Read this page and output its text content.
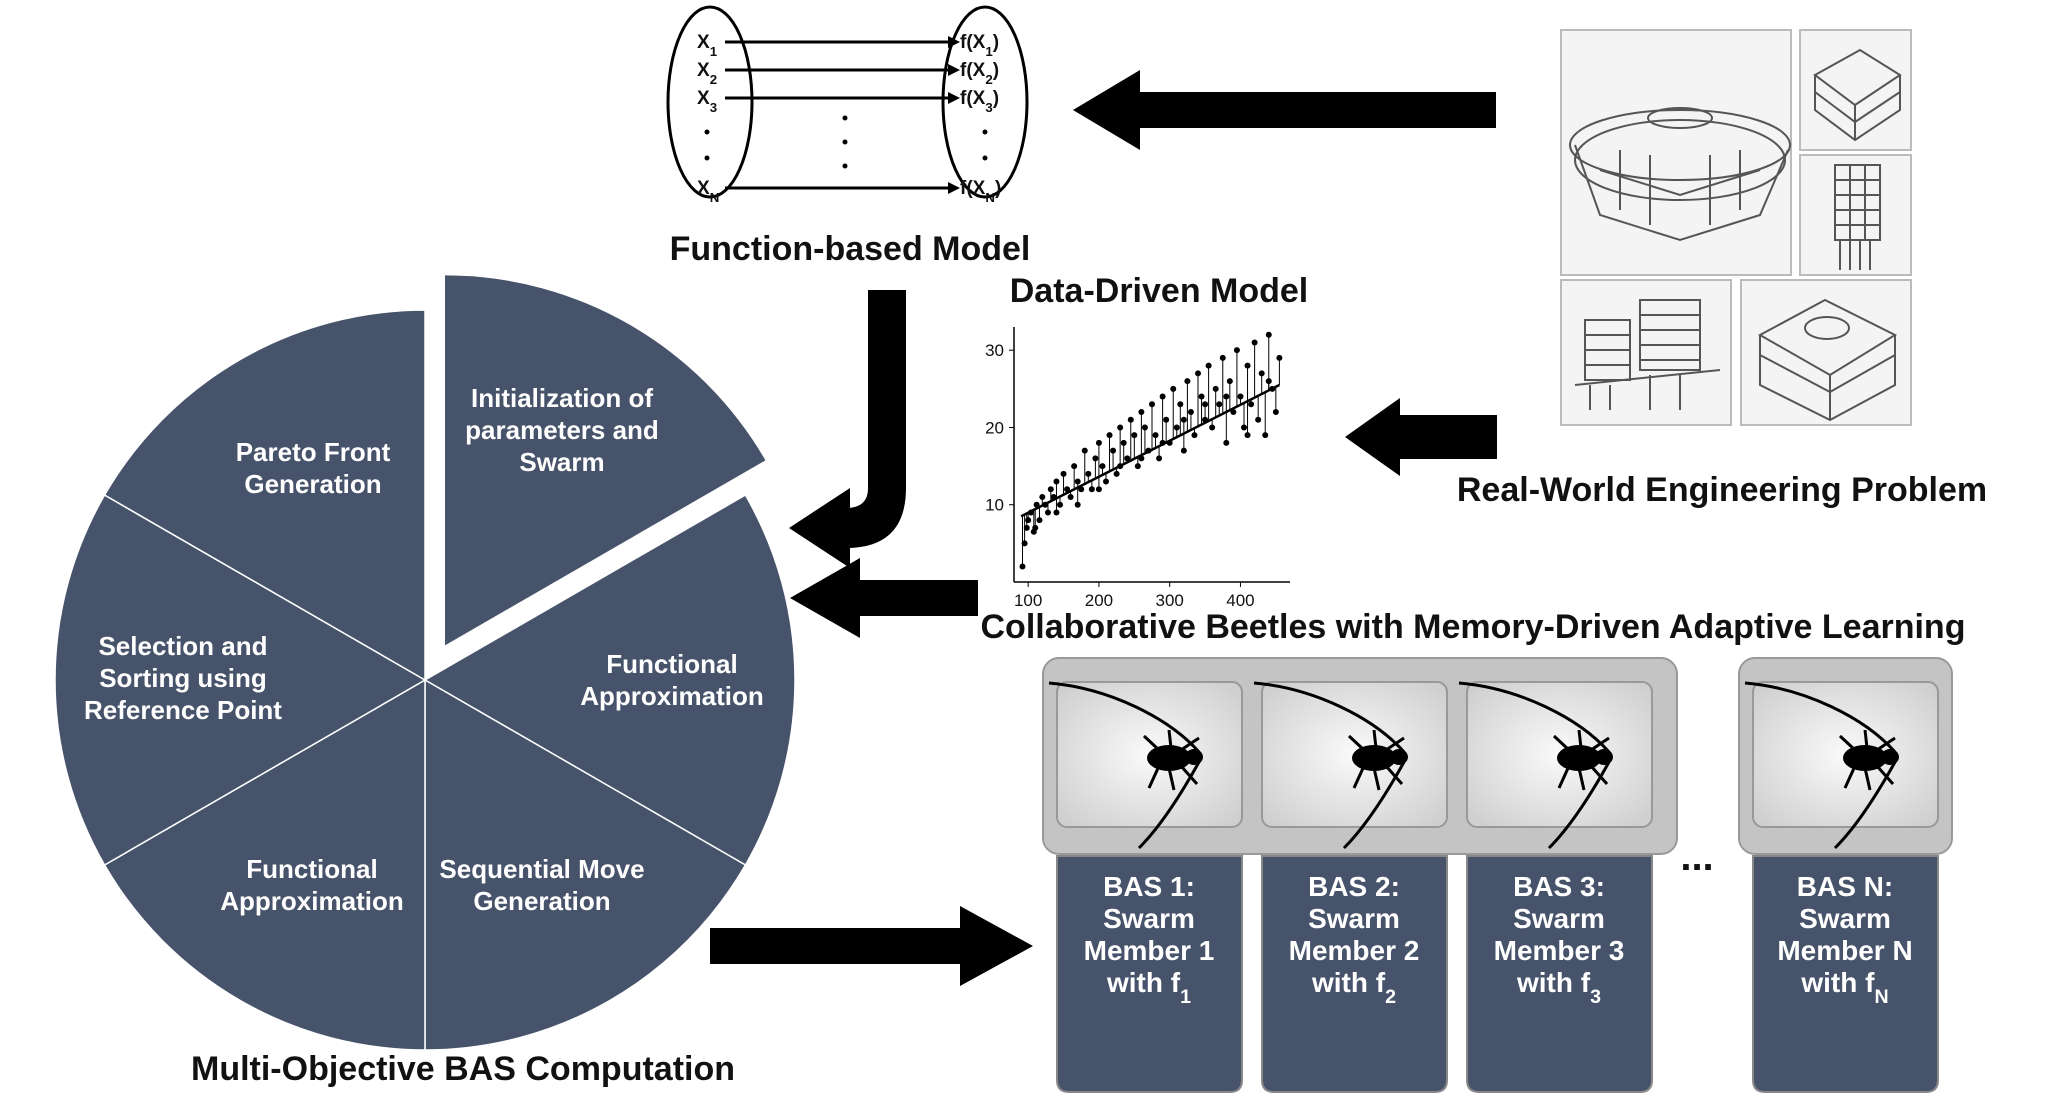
$X_1$	$f(X_1)$
$X_2$	$f(X_2)$
$X_3$	$f(X_3)$
$X_N$	$f(X_N)$
Function-based Model
Data-Driven Model
100 200 300 400
10
20
30
Real-World Engineering Problem
Initialization of
parameters and
Swarm
Functional
Approximation
Sequential Move
Generation
Functional
Approximation
Selection and
Sorting using
Reference Point
Pareto Front
Generation
Multi-Objective BAS Computation
Collaborative Beetles with Memory-Driven Adaptive Learning
BAS 1:
Swarm
Member 1
with $f_1$
BAS 2:
Swarm
Member 2
with $f_2$
BAS 3:
Swarm
Member 3
with $f_3$
BAS N:
Swarm
Member N
with $f_N$
...
